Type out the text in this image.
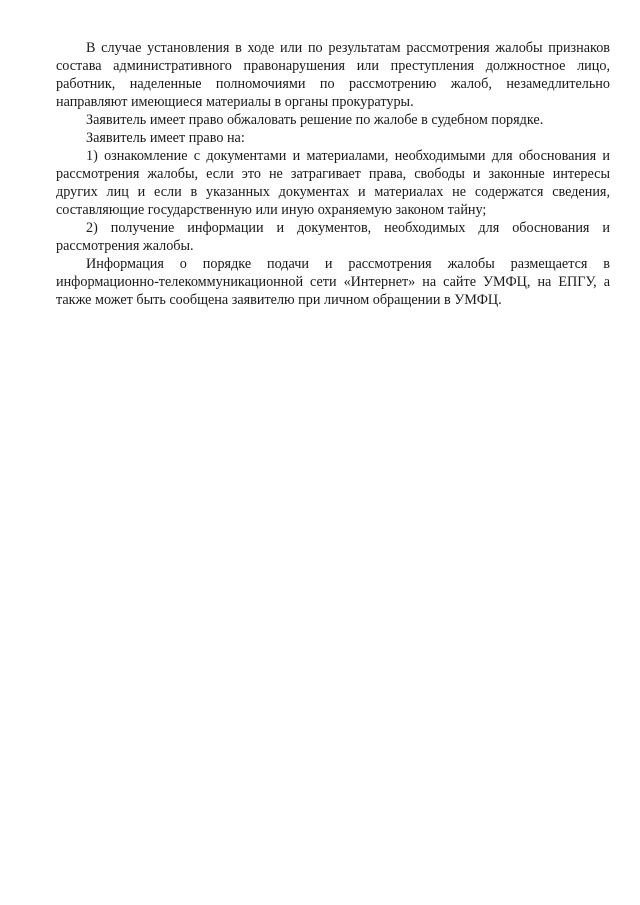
В случае установления в ходе или по результатам рассмотрения жалобы признаков состава административного правонарушения или преступления должностное лицо, работник, наделенные полномочиями по рассмотрению жалоб, незамедлительно направляют имеющиеся материалы в органы прокуратуры.

Заявитель имеет право обжаловать решение по жалобе в судебном порядке.

Заявитель имеет право на:

1) ознакомление с документами и материалами, необходимыми для обоснования и рассмотрения жалобы, если это не затрагивает права, свободы и законные интересы других лиц и если в указанных документах и материалах не содержатся сведения, составляющие государственную или иную охраняемую законом тайну;

2) получение информации и документов, необходимых для обоснования и рассмотрения жалобы.

Информация о порядке подачи и рассмотрения жалобы размещается в информационно-телекоммуникационной сети «Интернет» на сайте УМФЦ, на ЕПГУ, а также может быть сообщена заявителю при личном обращении в УМФЦ.
